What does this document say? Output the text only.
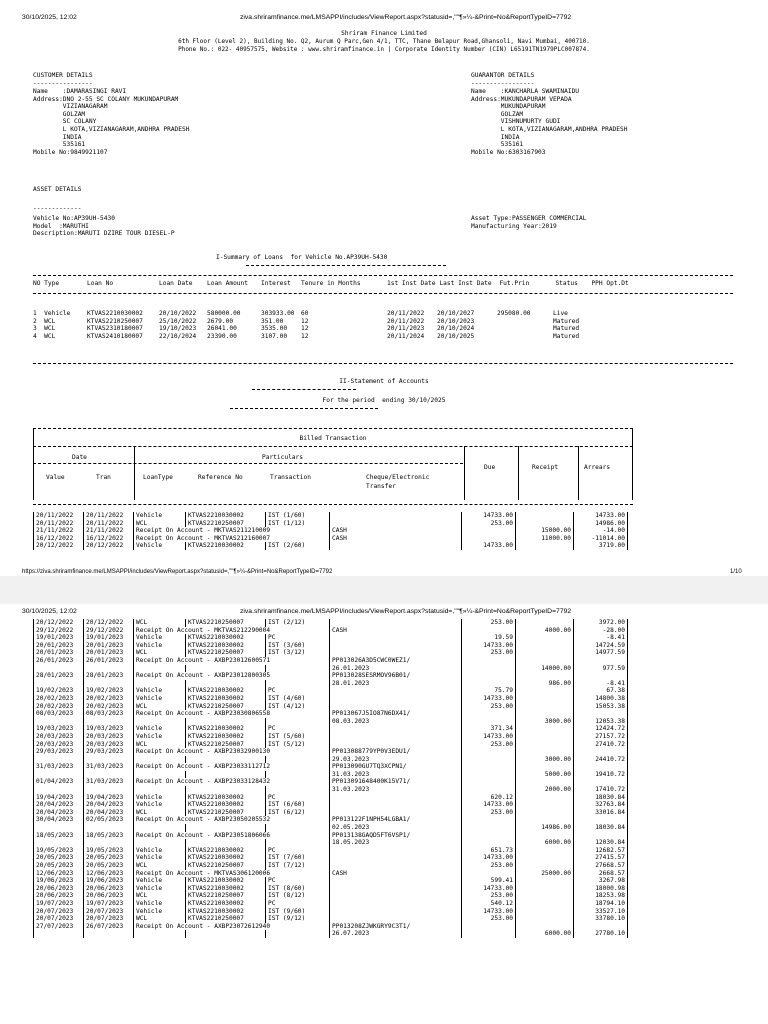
30/10/2025, 12:02	ziva.shriramfinance.me/LMSAPPI/includes/ViewReport.aspx?statusid=,""¶»¼-&Print=No&ReportTypeID=7792
Shriram Finance Limited
6th Floor (Level 2), Building No. Q2, Aurum Q Parc,Gen 4/1, TTC, Thane Belapur Road,Ghansoli, Navi Mumbai, 400710.
Phone No.: 022- 40957575, Website : www.shriramfinance.in | Corporate Identity Number (CIN) L65191TN1979PLC007874.
CUSTOMER DETAILS
----------------
Name    :DAMARASINGI RAVI
Address:DNO 2-55 SC COLANY MUKUNDAPURAM
VIZIANAGARAM
GOLZAM
SC COLANY
L KOTA,VIZIANAGARAM,ANDHRA PRADESH
INDIA
535161
Mobile No:9849921107
GUARANTOR DETAILS
-----------------
Name    :KANCHARLA SWAMINAIDU
Address:MUKUNDAPURAM VEPADA
MUKUNDAPURAM
GOLZAM
VISHNUMURTY GUDI
L KOTA,VIZIANAGARAM,ANDHRA PRADESH
INDIA
535161
Mobile No:6303167903
ASSET DETAILS
-------------
Vehicle No:AP39UH-5430
Model  :MARUTHI
Description:MARUTI DZIRE TOUR DIESEL-P
Asset Type:PASSENGER COMMERCIAL
Manufacturing Year:2019
I-Summary of Loans  for Vehicle No.AP39UH-5430
NO Type	Loan No	Loan Date	Loan Amount	Interest	Tenure in Months	1st Inst Date	Last Inst Date	Fut.Prin	Status	PPH Opt.Dt
1  Vehicle	KTVAS2210030002	20/10/2022	580000.00	303933.00	60	20/11/2022	20/10/2027	295080.00	Live	
2  WCL	KTVAS2210250007	25/10/2022	2679.00	351.00	12	20/11/2022	20/10/2023		Matured	
3  WCL	KTVAS2310180007	19/10/2023	26041.00	3535.00	12	20/11/2023	20/10/2024		Matured	
4  WCL	KTVAS2410180007	22/10/2024	23390.00	3107.00	12	20/11/2024	20/10/2025		Matured	
II-Statement of Accounts
For the period  ending 30/10/2025
Billed Transaction
Date	Particulars
Due	Receipt	Arrears
Value	Tran	LoanType	Reference No	Transaction	Cheque/Electronic
Transfer
20/11/2022	20/11/2022	Vehicle	KTVAS2210030002	IST (1/60)		14733.00		14733.00	
20/11/2022	20/11/2022	WCL	KTVAS2210250007	IST (1/12)		253.00		14986.00	
21/11/2022	21/11/2022	Receipt On Account - MKTVAS211210009			CASH		15000.00	-14.00	
16/12/2022	16/12/2022	Receipt On Account - MKTVAS212160007			CASH		11000.00	-11014.00	
20/12/2022	20/12/2022	Vehicle	KTVAS2210030002	IST (2/60)		14733.00		3719.00	
https://ziva.shriramfinance.me/LMSAPPI/includes/ViewReport.aspx?statusid=,""¶»¼-&Print=No&ReportTypeID=7792	1/10
30/10/2025, 12:02	ziva.shriramfinance.me/LMSAPPI/includes/ViewReport.aspx?statusid=,""¶»¼-&Print=No&ReportTypeID=7792
20/12/2022	20/12/2022	WCL	KTVAS2210250007	IST (2/12)		253.00		3972.00	
29/12/2022	29/12/2022	Receipt On Account - MKTVAS212290004			CASH		4000.00	-28.00	
19/01/2023	19/01/2023	Vehicle	KTVAS2210030002	PC		19.59		-8.41	
20/01/2023	20/01/2023	Vehicle	KTVAS2210030002	IST (3/60)		14733.00		14724.59	
20/01/2023	20/01/2023	WCL	KTVAS2210250007	IST (3/12)		253.00		14977.59	
26/01/2023	26/01/2023	Receipt On Account - AXBP23012600571			PP013026A3D5CWC0WEZ1/				
					26.01.2023		14000.00	977.59	
28/01/2023	28/01/2023	Receipt On Account - AXBP23012800305			PP013028SESRMOV96B01/				
					28.01.2023		986.00	-8.41	
19/02/2023	19/02/2023	Vehicle	KTVAS2210030002	PC		75.79		67.38	
20/02/2023	20/02/2023	Vehicle	KTVAS2210030002	IST (4/60)		14733.00		14800.38	
20/02/2023	20/02/2023	WCL	KTVAS2210250007	IST (4/12)		253.00		15053.38	
08/03/2023	08/03/2023	Receipt On Account - AXBP23030806558			PP013067J5IO87N6DX41/				
					08.03.2023		3000.00	12053.38	
19/03/2023	19/03/2023	Vehicle	KTVAS2210030002	PC		371.34		12424.72	
20/03/2023	20/03/2023	Vehicle	KTVAS2210030002	IST (5/60)		14733.00		27157.72	
20/03/2023	20/03/2023	WCL	KTVAS2210250007	IST (5/12)		253.00		27410.72	
29/03/2023	29/03/2023	Receipt On Account - AXBP23032900130			PP013088779YP0V3EDU1/				
					29.03.2023		3000.00	24410.72	
31/03/2023	31/03/2023	Receipt On Account - AXBP23033112712			PP013090GU7TQ3XCPN1/				
					31.03.2023		5000.00	19410.72	
01/04/2023	31/03/2023	Receipt On Account - AXBP23033128432			PP013091648400K15V71/				
					31.03.2023		2000.00	17410.72	
19/04/2023	19/04/2023	Vehicle	KTVAS2210030002	PC		620.12		18030.84	
20/04/2023	20/04/2023	Vehicle	KTVAS2210030002	IST (6/60)		14733.00		32763.84	
20/04/2023	20/04/2023	WCL	KTVAS2210250007	IST (6/12)		253.00		33016.84	
30/04/2023	02/05/2023	Receipt On Account - AXBP23050205532			PP013122F1NPH54LGBA1/				
					02.05.2023		14986.00	18030.84	
18/05/2023	18/05/2023	Receipt On Account - AXBP23051806066			PP013138GAQD5FT6VSP1/				
					18.05.2023		6000.00	12030.84	
19/05/2023	19/05/2023	Vehicle	KTVAS2210030002	PC		651.73		12682.57	
20/05/2023	20/05/2023	Vehicle	KTVAS2210030002	IST (7/60)		14733.00		27415.57	
20/05/2023	20/05/2023	WCL	KTVAS2210250007	IST (7/12)		253.00		27668.57	
12/06/2023	12/06/2023	Receipt On Account - MKTVAS306120006			CASH		25000.00	2668.57	
19/06/2023	19/06/2023	Vehicle	KTVAS2210030002	PC		599.41		3267.98	
20/06/2023	20/06/2023	Vehicle	KTVAS2210030002	IST (8/60)		14733.00		18000.98	
20/06/2023	20/06/2023	WCL	KTVAS2210250007	IST (8/12)		253.00		18253.98	
19/07/2023	19/07/2023	Vehicle	KTVAS2210030002	PC		540.12		18794.10	
20/07/2023	20/07/2023	Vehicle	KTVAS2210030002	IST (9/60)		14733.00		33527.10	
20/07/2023	20/07/2023	WCL	KTVAS2210250007	IST (9/12)		253.00		33780.10	
27/07/2023	26/07/2023	Receipt On Account - AXBP23072612940			PP013208ZJWKGRY9C3T1/				
					26.07.2023		6000.00	27780.10	
